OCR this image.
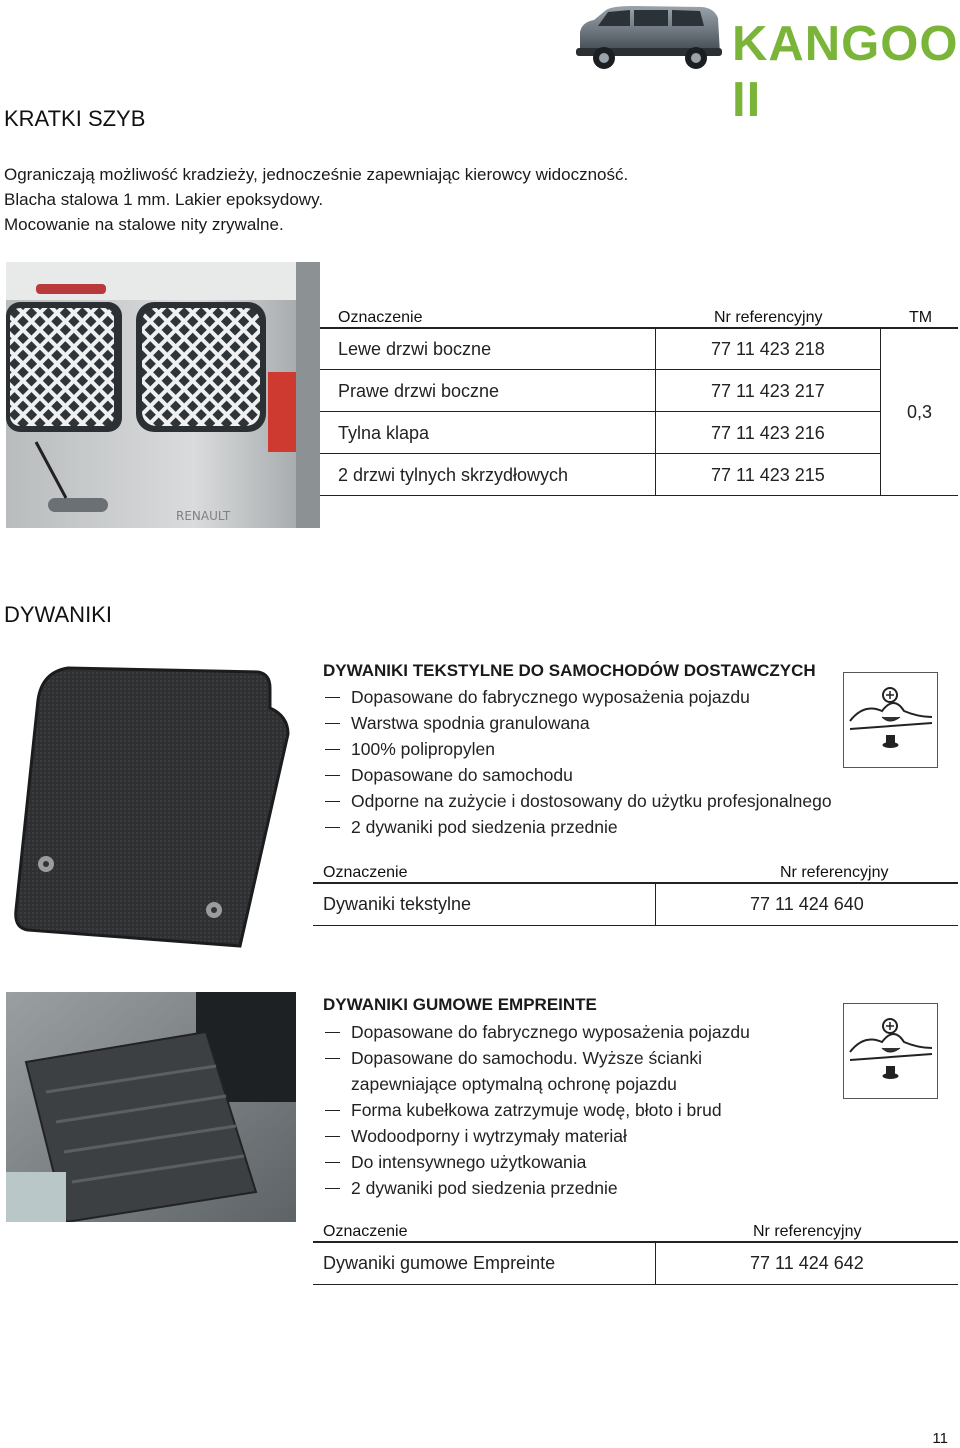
KANGOO II
KRATKI SZYB
Ograniczają możliwość kradzieży, jednocześnie zapewniając kierowcy widoczność.
Blacha stalowa 1 mm. Lakier epoksydowy.
Mocowanie na stalowe nity zrywalne.
RENAULT
Oznaczenie	Nr referencyjny	TM
Lewe drzwi boczne	77 11 423 218
Prawe drzwi boczne	77 11 423 217
Tylna klapa	77 11 423 216
2 drzwi tylnych skrzydłowych	77 11 423 215
0,3
DYWANIKI
DYWANIKI TEKSTYLNE DO SAMOCHODÓW DOSTAWCZYCH
Dopasowane do fabrycznego wyposażenia pojazdu
Warstwa spodnia granulowana
100% polipropylen
Dopasowane do samochodu
Odporne na zużycie i dostosowany do użytku profesjonalnego
2 dywaniki pod siedzenia przednie
Oznaczenie	Nr referencyjny
Dywaniki tekstylne	77 11 424 640
DYWANIKI GUMOWE EMPREINTE
Dopasowane do fabrycznego wyposażenia pojazdu
Dopasowane do samochodu. Wyższe ścianki
zapewniające optymalną ochronę pojazdu
Forma kubełkowa zatrzymuje wodę, błoto i brud
Wodoodporny i wytrzymały materiał
Do intensywnego użytkowania
2 dywaniki pod siedzenia przednie
Oznaczenie	Nr referencyjny
Dywaniki gumowe Empreinte	77 11 424 642
11
